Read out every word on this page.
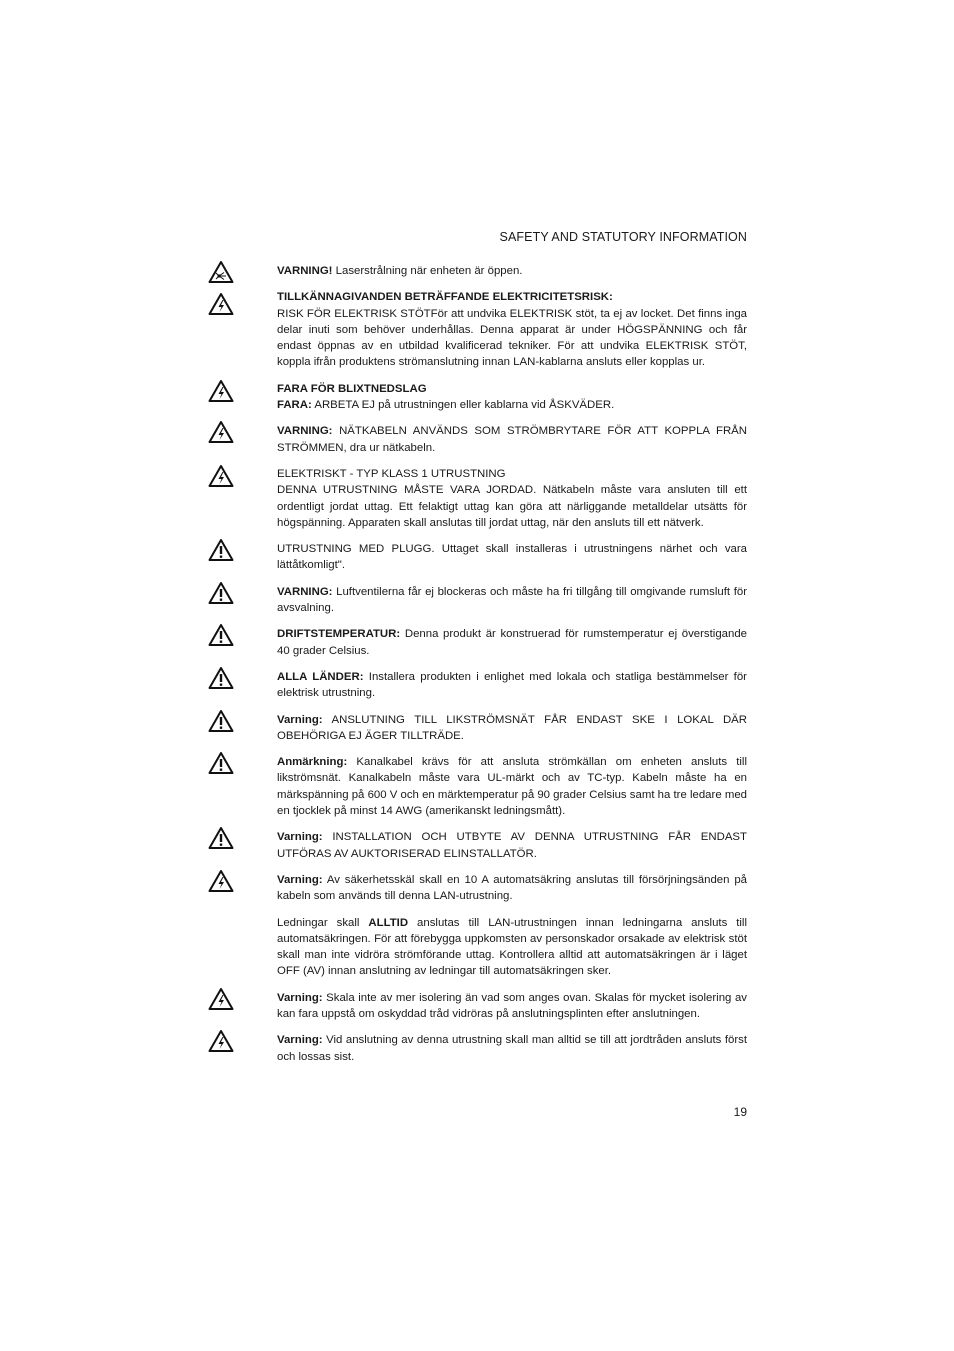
SAFETY AND STATUTORY INFORMATION
VARNING! Laserstrålning när enheten är öppen.
TILLKÄNNAGIVANDEN BETRÄFFANDE ELEKTRICITETSRISK:
RISK FÖR ELEKTRISK STÖTFör att undvika ELEKTRISK stöt, ta ej av locket. Det finns inga delar inuti som behöver underhållas. Denna apparat är under HÖGSPÄNNING och får endast öppnas av en utbildad kvalificerad tekniker. För att undvika ELEKTRISK STÖT, koppla ifrån produktens strömanslutning innan LAN-kablarna ansluts eller kopplas ur.
FARA FÖR BLIXTNEDSLAG
FARA: ARBETA EJ på utrustningen eller kablarna vid ÅSKVÄDER.
VARNING: NÄTKABELN ANVÄNDS SOM STRÖMBRYTARE FÖR ATT KOPPLA FRÅN STRÖMMEN, dra ur nätkabeln.
ELEKTRISKT - TYP KLASS 1 UTRUSTNING
DENNA UTRUSTNING MÅSTE VARA JORDAD. Nätkabeln måste vara ansluten till ett ordentligt jordat uttag. Ett felaktigt uttag kan göra att närliggande metalldelar utsätts för högspänning. Apparaten skall anslutas till jordat uttag, när den ansluts till ett nätverk.
UTRUSTNING MED PLUGG. Uttaget skall installeras i utrustningens närhet och vara lättåtkomligt".
VARNING: Luftventilerna får ej blockeras och måste ha fri tillgång till omgivande rumsluft för avsvalning.
DRIFTSTEMPERATUR: Denna produkt är konstruerad för rumstemperatur ej överstigande 40 grader Celsius.
ALLA LÄNDER: Installera produkten i enlighet med lokala och statliga bestämmelser för elektrisk utrustning.
Varning: ANSLUTNING TILL LIKSTRÖMSNÄT FÅR ENDAST SKE I LOKAL DÄR OBEHÖRIGA EJ ÄGER TILLTRÄDE.
Anmärkning: Kanalkabel krävs för att ansluta strömkällan om enheten ansluts till likströmsnät. Kanalkabeln måste vara UL-märkt och av TC-typ. Kabeln måste ha en märkspänning på 600 V och en märktemperatur på 90 grader Celsius samt ha tre ledare med en tjocklek på minst 14 AWG (amerikanskt ledningsmått).
Varning: INSTALLATION OCH UTBYTE AV DENNA UTRUSTNING FÅR ENDAST UTFÖRAS AV AUKTORISERAD ELINSTALLATÖR.
Varning: Av säkerhetsskäl skall en 10 A automatsäkring anslutas till försörjningsänden på kabeln som används till denna LAN-utrustning.
Ledningar skall ALLTID anslutas till LAN-utrustningen innan ledningarna ansluts till automatsäkringen. För att förebygga uppkomsten av personskador orsakade av elektrisk stöt skall man inte vidröra strömförande uttag. Kontrollera alltid att automatsäkringen är i läget OFF (AV) innan anslutning av ledningar till automatsäkringen sker.
Varning: Skala inte av mer isolering än vad som anges ovan. Skalas för mycket isolering av kan fara uppstå om oskyddad tråd vidröras på anslutningsplinten efter anslutningen.
Varning: Vid anslutning av denna utrustning skall man alltid se till att jordtråden ansluts först och lossas sist.
19
